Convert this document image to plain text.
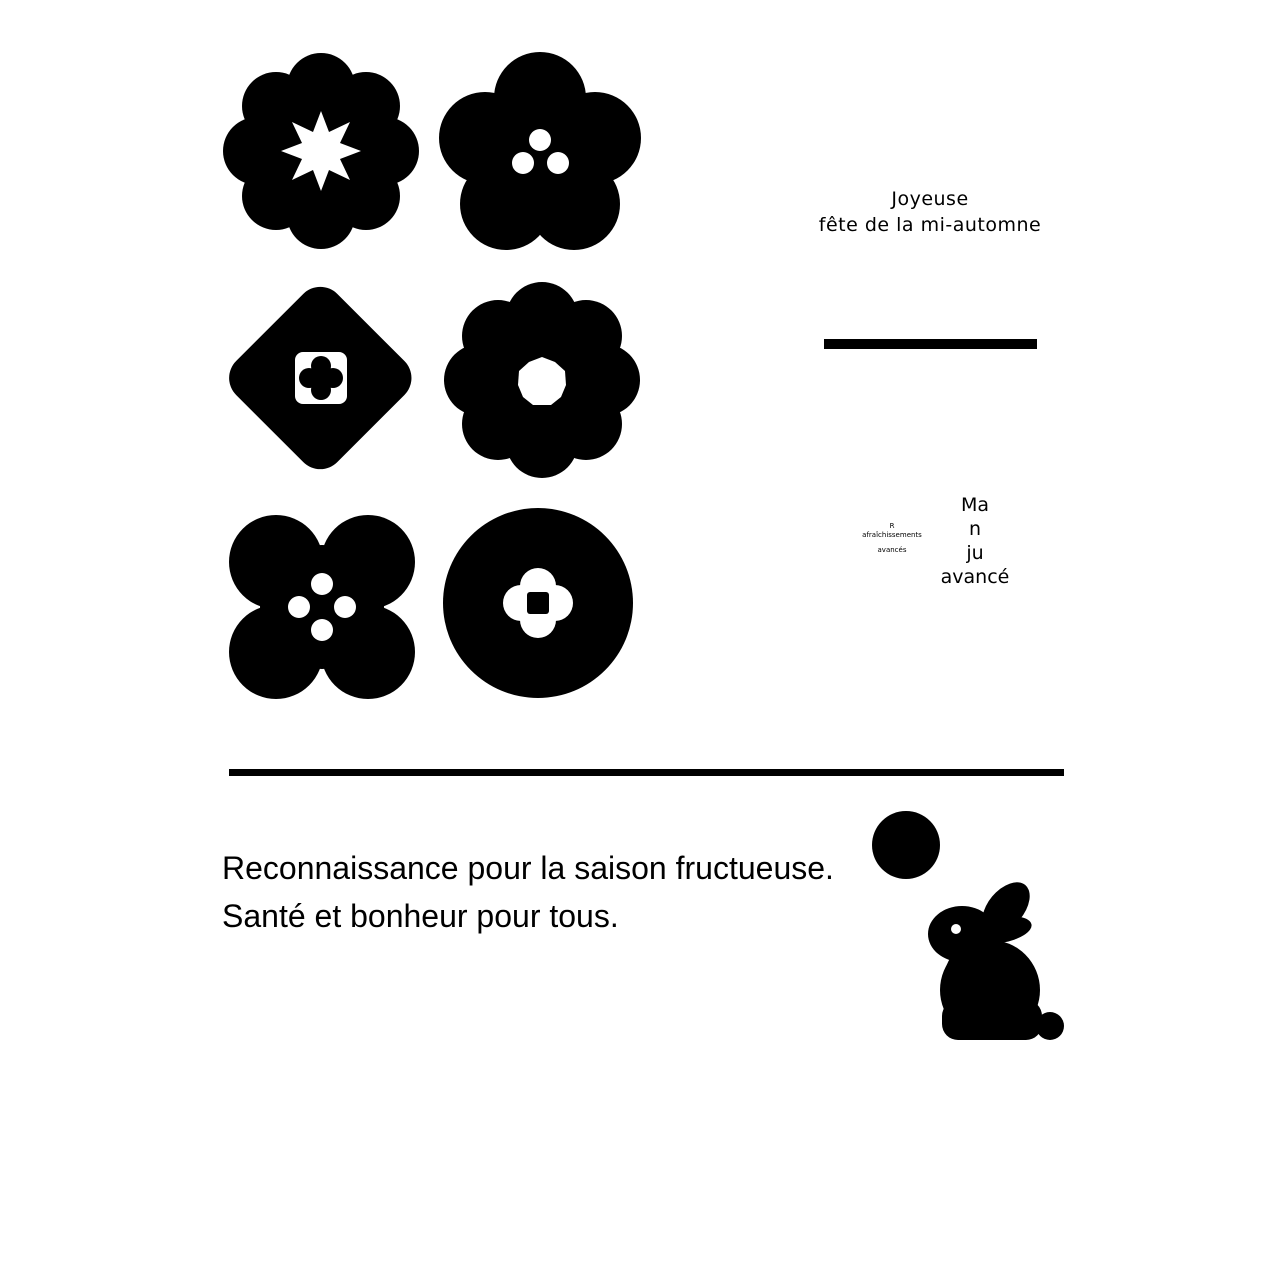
Joyeuse
fête de la mi-automne
R
afraîchissements
avancés
Ma
n
ju
avancé
Reconnaissance pour la saison fructueuse.
Santé et bonheur pour tous.
